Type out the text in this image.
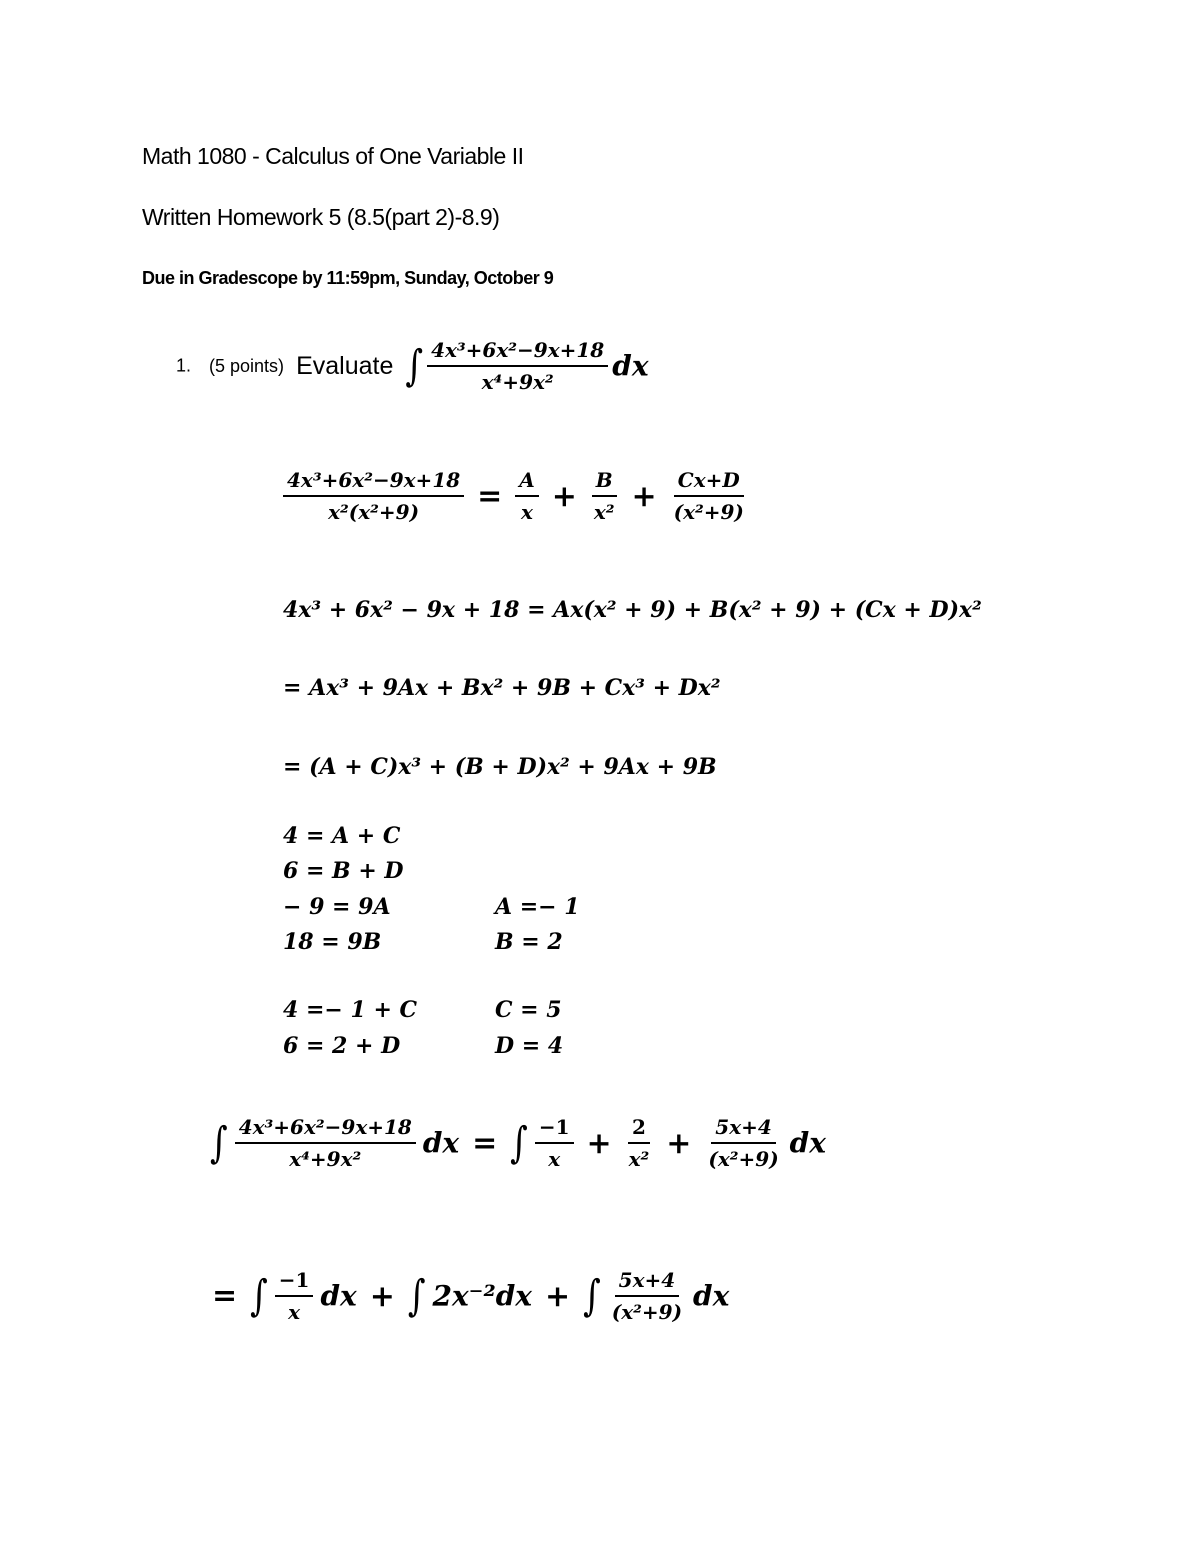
Math 1080 - Calculus of One Variable II
Written Homework 5 (8.5(part 2)-8.9)
Due in Gradescope by 11:59pm, Sunday, October 9
1. (5 points) Evaluate ∫ $\frac{\text{4x³+6x²−9x+18}}{\text{x⁴+9x²}}$ dx
$\frac{\text{4x³+6x²−9x+18}}{\text{x²(x²+9)}} = \frac{A}{x} + \frac{B}{\text{x²}} + \frac{Cx+D}{\text{(x²+9)}}$
4x³ + 6x² − 9x + 18 = Ax(x² + 9) + B(x² + 9) + (Cx + D)x²
= Ax³ + 9Ax + Bx² + 9B + Cx³ + Dx²
= (A + C)x³ + (B + D)x² + 9Ax + 9B
4 = A + C
6 = B + D
− 9 = 9A	A =− 1
18 = 9B	B = 2
4 =− 1 + C	C = 5
6 = 2 + D	D = 4
∫ $\frac{\text{4x³+6x²−9x+18}}{\text{x⁴+9x²}}$ dx = ∫ $\frac{-1}{x} + \frac{2}{\text{x²}} + \frac{5x+4}{\text{(x²+9)}}$ dx
= ∫ $\frac{-1}{x}$ dx + ∫ 2x⁻²dx + ∫ $\frac{5x+4}{\text{(x²+9)}}$ dx
